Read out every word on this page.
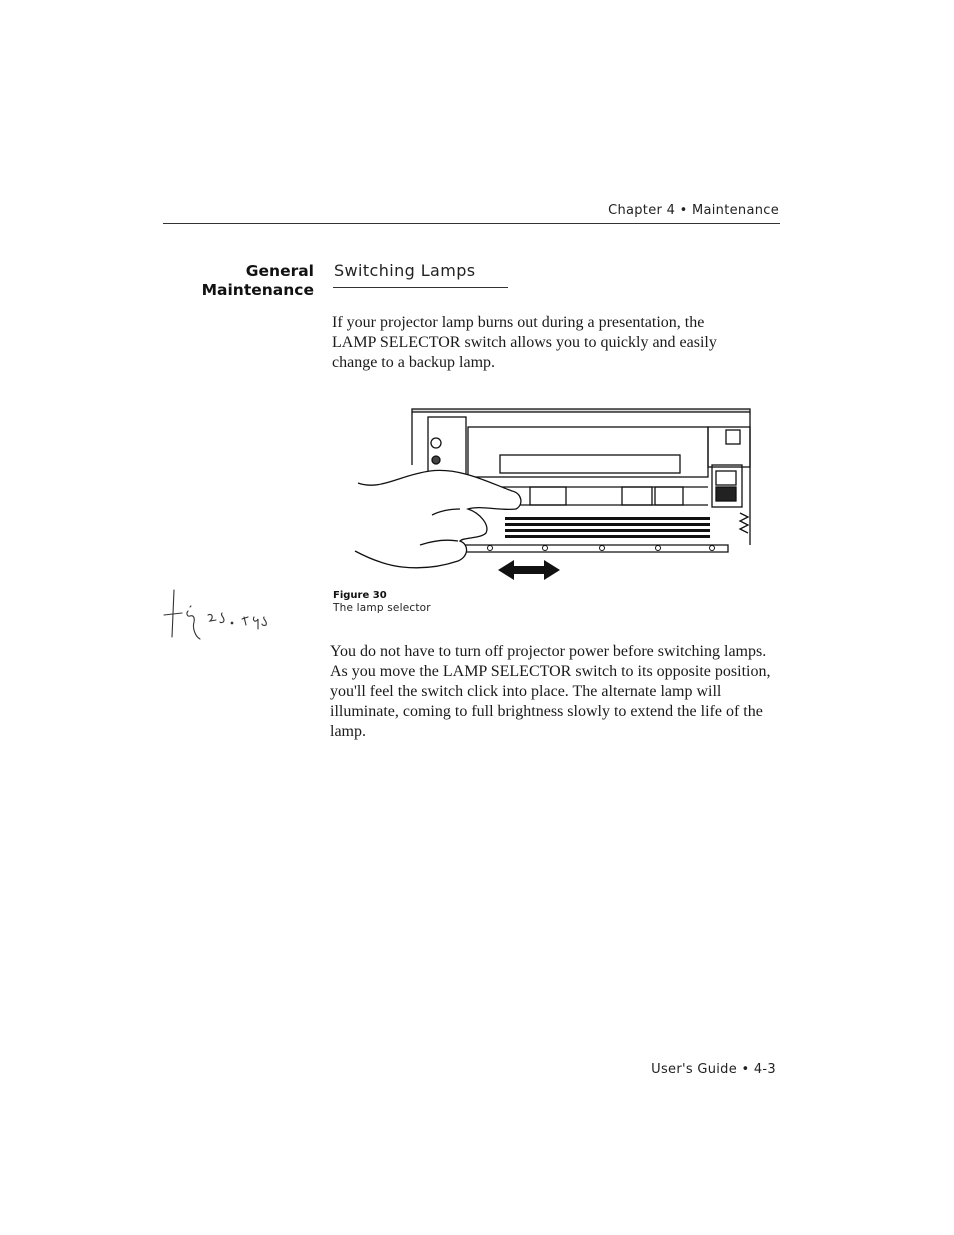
Chapter 4 • Maintenance
General
Maintenance
Switching Lamps

If your projector lamp burns out during a presentation, the LAMP SELECTOR switch allows you to quickly and easily change to a backup lamp.

Figure 30
The lamp selector

You do not have to turn off projector power before switching lamps. As you move the LAMP SELECTOR switch to its opposite position, you'll feel the switch click into place. The alternate lamp will illuminate, coming to full brightness slowly to extend the life of the lamp.

User's Guide • 4-3
